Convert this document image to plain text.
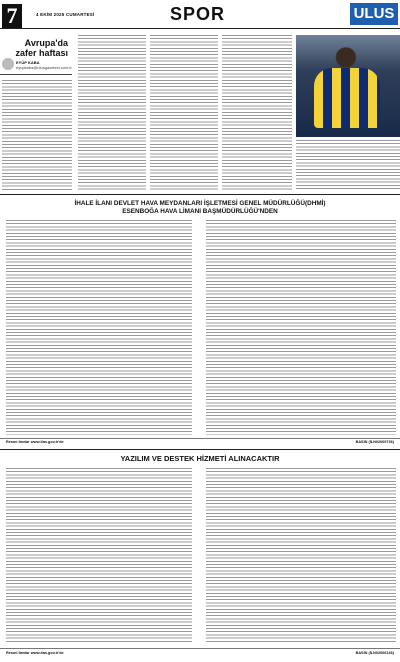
7	4 EKİM 2025 CUMARTESİ	SPOR	ULUS
Avrupa'da zafer haftası
EYÜP KABA
eyupkaba@ulusgazetesi.com.tr
İHALE İLANI DEVLET HAVA MEYDANLARI İŞLETMESİ GENEL MÜDÜRLÜĞÜ(DHMİ)
ESENBOĞA HAVA LİMANI BAŞMÜDÜRLÜĞÜ'NDEN
Resmi ilanlar www.ilan.gov.tr'de	BASIN (İLN02009736)
YAZILIM VE DESTEK HİZMETİ ALINACAKTIR
Resmi ilanlar www.ilan.gov.tr'de	BASIN (İLN02006146)
